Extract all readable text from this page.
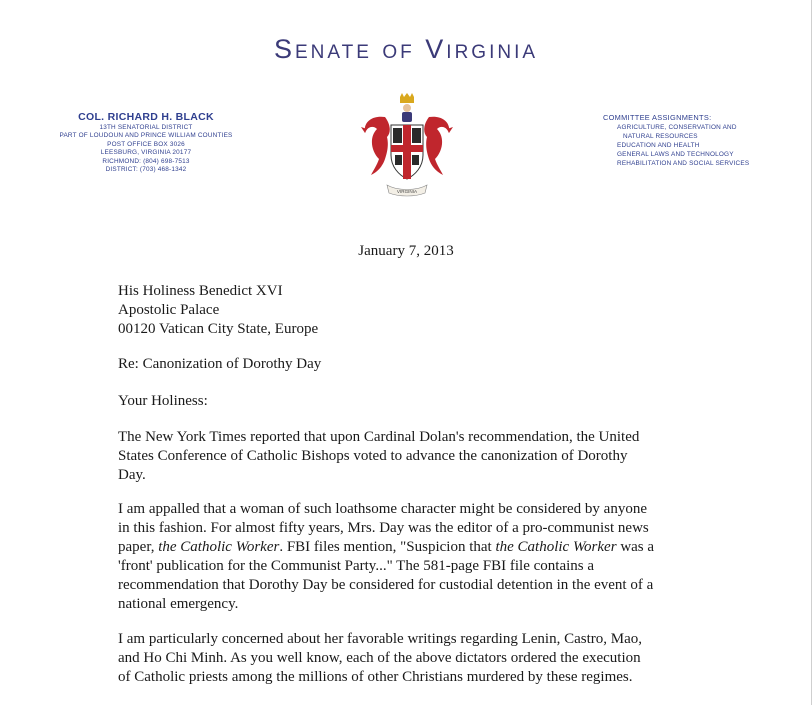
Senate of Virginia
COL. RICHARD H. BLACK
13TH SENATORIAL DISTRICT
PART OF LOUDOUN AND PRINCE WILLIAM COUNTIES
POST OFFICE BOX 3026
LEESBURG, VIRGINIA 20177
RICHMOND: (804) 698-7513
DISTRICT: (703) 468-1342
VIRGINIA
COMMITTEE ASSIGNMENTS:
AGRICULTURE, CONSERVATION AND
NATURAL RESOURCES
EDUCATION AND HEALTH
GENERAL LAWS AND TECHNOLOGY
REHABILITATION AND SOCIAL SERVICES
January 7, 2013
His Holiness Benedict XVI
Apostolic Palace
00120 Vatican City State, Europe
Re: Canonization of Dorothy Day
Your Holiness:
The New York Times reported that upon Cardinal Dolan's recommendation, the United
States Conference of Catholic Bishops voted to advance the canonization of Dorothy
Day.
I am appalled that a woman of such loathsome character might be considered by anyone
in this fashion. For almost fifty years, Mrs. Day was the editor of a pro-communist news
paper, the Catholic Worker. FBI files mention, "Suspicion that the Catholic Worker was a
'front' publication for the Communist Party..." The 581-page FBI file contains a
recommendation that Dorothy Day be considered for custodial detention in the event of a
national emergency.
I am particularly concerned about her favorable writings regarding Lenin, Castro, Mao,
and Ho Chi Minh. As you well know, each of the above dictators ordered the execution
of Catholic priests among the millions of other Christians murdered by these regimes.
